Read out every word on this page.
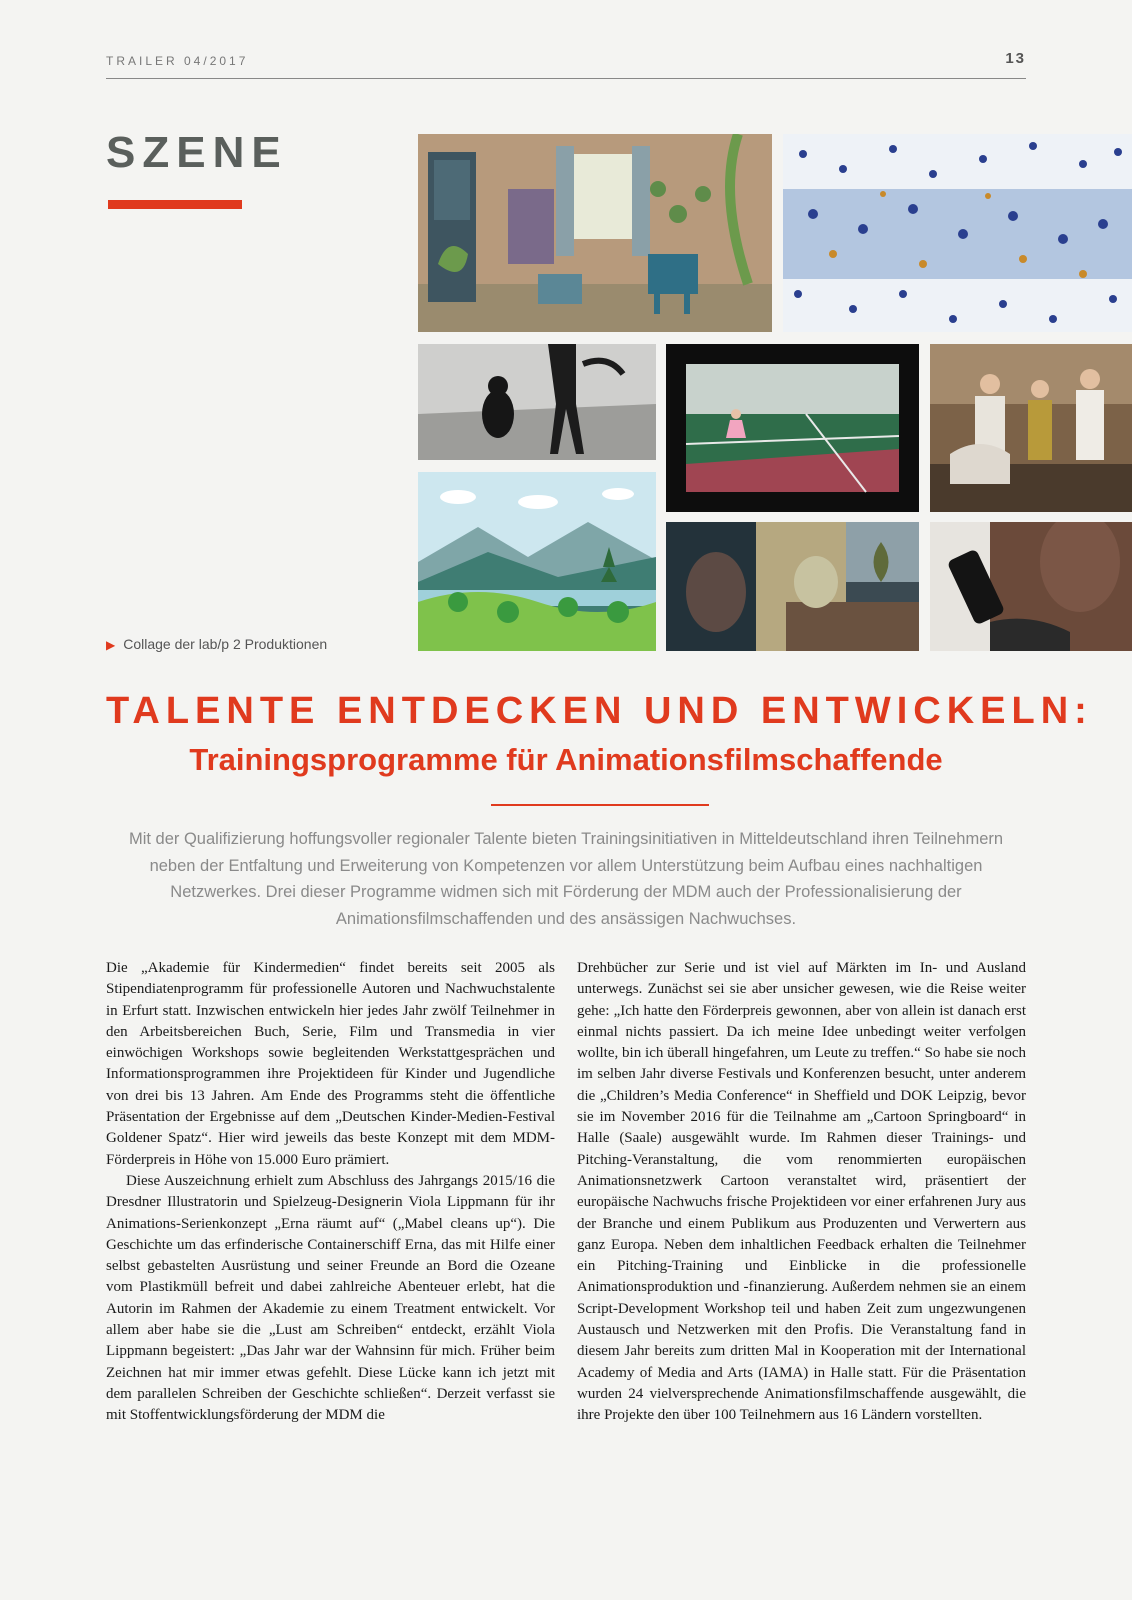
TRAILER 04/2017	13
SZENE
▶ Collage der lab/p 2 Produktionen
TALENTE ENTDECKEN UND ENTWICKELN:
Trainingsprogramme für Animationsfilmschaffende
Mit der Qualifizierung hoffungsvoller regionaler Talente bieten Trainingsinitiativen in Mitteldeutschland ihren Teilnehmern neben der Entfaltung und Erweiterung von Kompetenzen vor allem Unterstützung beim Aufbau eines nachhaltigen Netzwerkes. Drei dieser Programme widmen sich mit Förderung der MDM auch der Professionalisierung der Animationsfilmschaffenden und des ansässigen Nachwuchses.

Die „Akademie für Kindermedien“ findet bereits seit 2005 als Stipendiatenprogramm für professionelle Autoren und Nachwuchstalente in Erfurt statt. Inzwischen entwickeln hier jedes Jahr zwölf Teilnehmer in den Arbeitsbereichen Buch, Serie, Film und Transmedia in vier einwöchigen Workshops sowie begleitenden Werkstattgesprächen und Informationsprogrammen ihre Projektideen für Kinder und Jugendliche von drei bis 13 Jahren. Am Ende des Programms steht die öffentliche Präsentation der Ergebnisse auf dem „Deutschen Kinder-Medien-Festival Goldener Spatz“. Hier wird jeweils das beste Konzept mit dem MDM-Förderpreis in Höhe von 15.000 Euro prämiert.

Diese Auszeichnung erhielt zum Abschluss des Jahrgangs 2015/16 die Dresdner Illustratorin und Spielzeug-Designerin Viola Lippmann für ihr Animations-Serienkonzept „Erna räumt auf“ („Mabel cleans up“). Die Geschichte um das erfinderische Containerschiff Erna, das mit Hilfe einer selbst gebastelten Ausrüstung und seiner Freunde an Bord die Ozeane vom Plastikmüll befreit und dabei zahlreiche Abenteuer erlebt, hat die Autorin im Rahmen der Akademie zu einem Treatment entwickelt. Vor allem aber habe sie die „Lust am Schreiben“ entdeckt, erzählt Viola Lippmann begeistert: „Das Jahr war der Wahnsinn für mich. Früher beim Zeichnen hat mir immer etwas gefehlt. Diese Lücke kann ich jetzt mit dem parallelen Schreiben der Geschichte schließen“. Derzeit verfasst sie mit Stoffentwicklungsförderung der MDM die

Drehbücher zur Serie und ist viel auf Märkten im In- und Ausland unterwegs. Zunächst sei sie aber unsicher gewesen, wie die Reise weiter gehe: „Ich hatte den Förderpreis gewonnen, aber von allein ist danach erst einmal nichts passiert. Da ich meine Idee unbedingt weiter verfolgen wollte, bin ich überall hingefahren, um Leute zu treffen.“ So habe sie noch im selben Jahr diverse Festivals und Konferenzen besucht, unter anderem die „Children’s Media Conference“ in Sheffield und DOK Leipzig, bevor sie im November 2016 für die Teilnahme am „Cartoon Springboard“ in Halle (Saale) ausgewählt wurde. Im Rahmen dieser Trainings- und Pitching-Veranstaltung, die vom renommierten europäischen Animationsnetzwerk Cartoon veranstaltet wird, präsentiert der europäische Nachwuchs frische Projektideen vor einer erfahrenen Jury aus der Branche und einem Publikum aus Produzenten und Verwertern aus ganz Europa. Neben dem inhaltlichen Feedback erhalten die Teilnehmer ein Pitching-Training und Einblicke in die professionelle Animationsproduktion und -finanzierung. Außerdem nehmen sie an einem Script-Development Workshop teil und haben Zeit zum ungezwungenen Austausch und Netzwerken mit den Profis. Die Veranstaltung fand in diesem Jahr bereits zum dritten Mal in Kooperation mit der International Academy of Media and Arts (IAMA) in Halle statt. Für die Präsentation wurden 24 vielversprechende Animationsfilmschaffende ausgewählt, die ihre Projekte den über 100 Teilnehmern aus 16 Ländern vorstellten.
